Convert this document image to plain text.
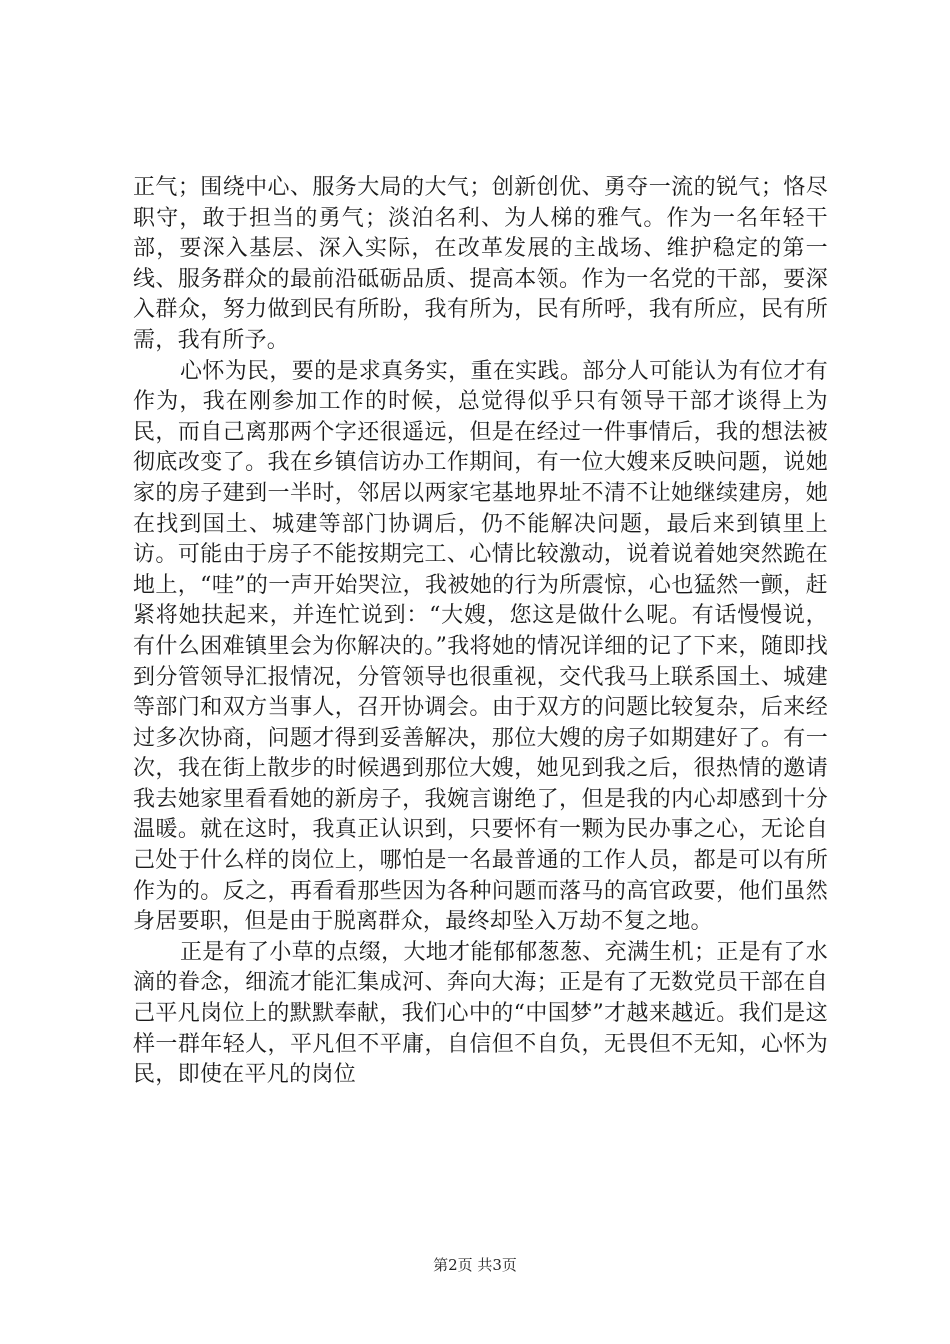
正气；围绕中心、服务大局的大气；创新创优、勇夺一流的锐气；恪尽职守，敢于担当的勇气；淡泊名利、为人梯的雅气。作为一名年轻干部，要深入基层、深入实际，在改革发展的主战场、维护稳定的第一线、服务群众的最前沿砥砺品质、提高本领。作为一名党的干部，要深入群众，努力做到民有所盼，我有所为，民有所呼，我有所应，民有所需，我有所予。

心怀为民，要的是求真务实，重在实践。部分人可能认为有位才有作为，我在刚参加工作的时候，总觉得似乎只有领导干部才谈得上为民，而自己离那两个字还很遥远，但是在经过一件事情后，我的想法被彻底改变了。我在乡镇信访办工作期间，有一位大嫂来反映问题，说她家的房子建到一半时，邻居以两家宅基地界址不清不让她继续建房，她在找到国土、城建等部门协调后，仍不能解决问题，最后来到镇里上访。可能由于房子不能按期完工、心情比较激动，说着说着她突然跪在地上，“哇”的一声开始哭泣，我被她的行为所震惊，心也猛然一颤，赶紧将她扶起来，并连忙说到：“大嫂，您这是做什么呢。有话慢慢说，有什么困难镇里会为你解决的。”我将她的情况详细的记了下来，随即找到分管领导汇报情况，分管领导也很重视，交代我马上联系国土、城建等部门和双方当事人，召开协调会。由于双方的问题比较复杂，后来经过多次协商，问题才得到妥善解决，那位大嫂的房子如期建好了。有一次，我在街上散步的时候遇到那位大嫂，她见到我之后，很热情的邀请我去她家里看看她的新房子，我婉言谢绝了，但是我的内心却感到十分温暖。就在这时，我真正认识到，只要怀有一颗为民办事之心，无论自己处于什么样的岗位上，哪怕是一名最普通的工作人员，都是可以有所作为的。反之，再看看那些因为各种问题而落马的高官政要，他们虽然身居要职，但是由于脱离群众，最终却坠入万劫不复之地。

正是有了小草的点缀，大地才能郁郁葱葱、充满生机；正是有了水滴的眷念，细流才能汇集成河、奔向大海；正是有了无数党员干部在自己平凡岗位上的默默奉献，我们心中的“中国梦”才越来越近。我们是这样一群年轻人，平凡但不平庸，自信但不自负，无畏但不无知，心怀为民，即使在平凡的岗位

第2页 共3页
